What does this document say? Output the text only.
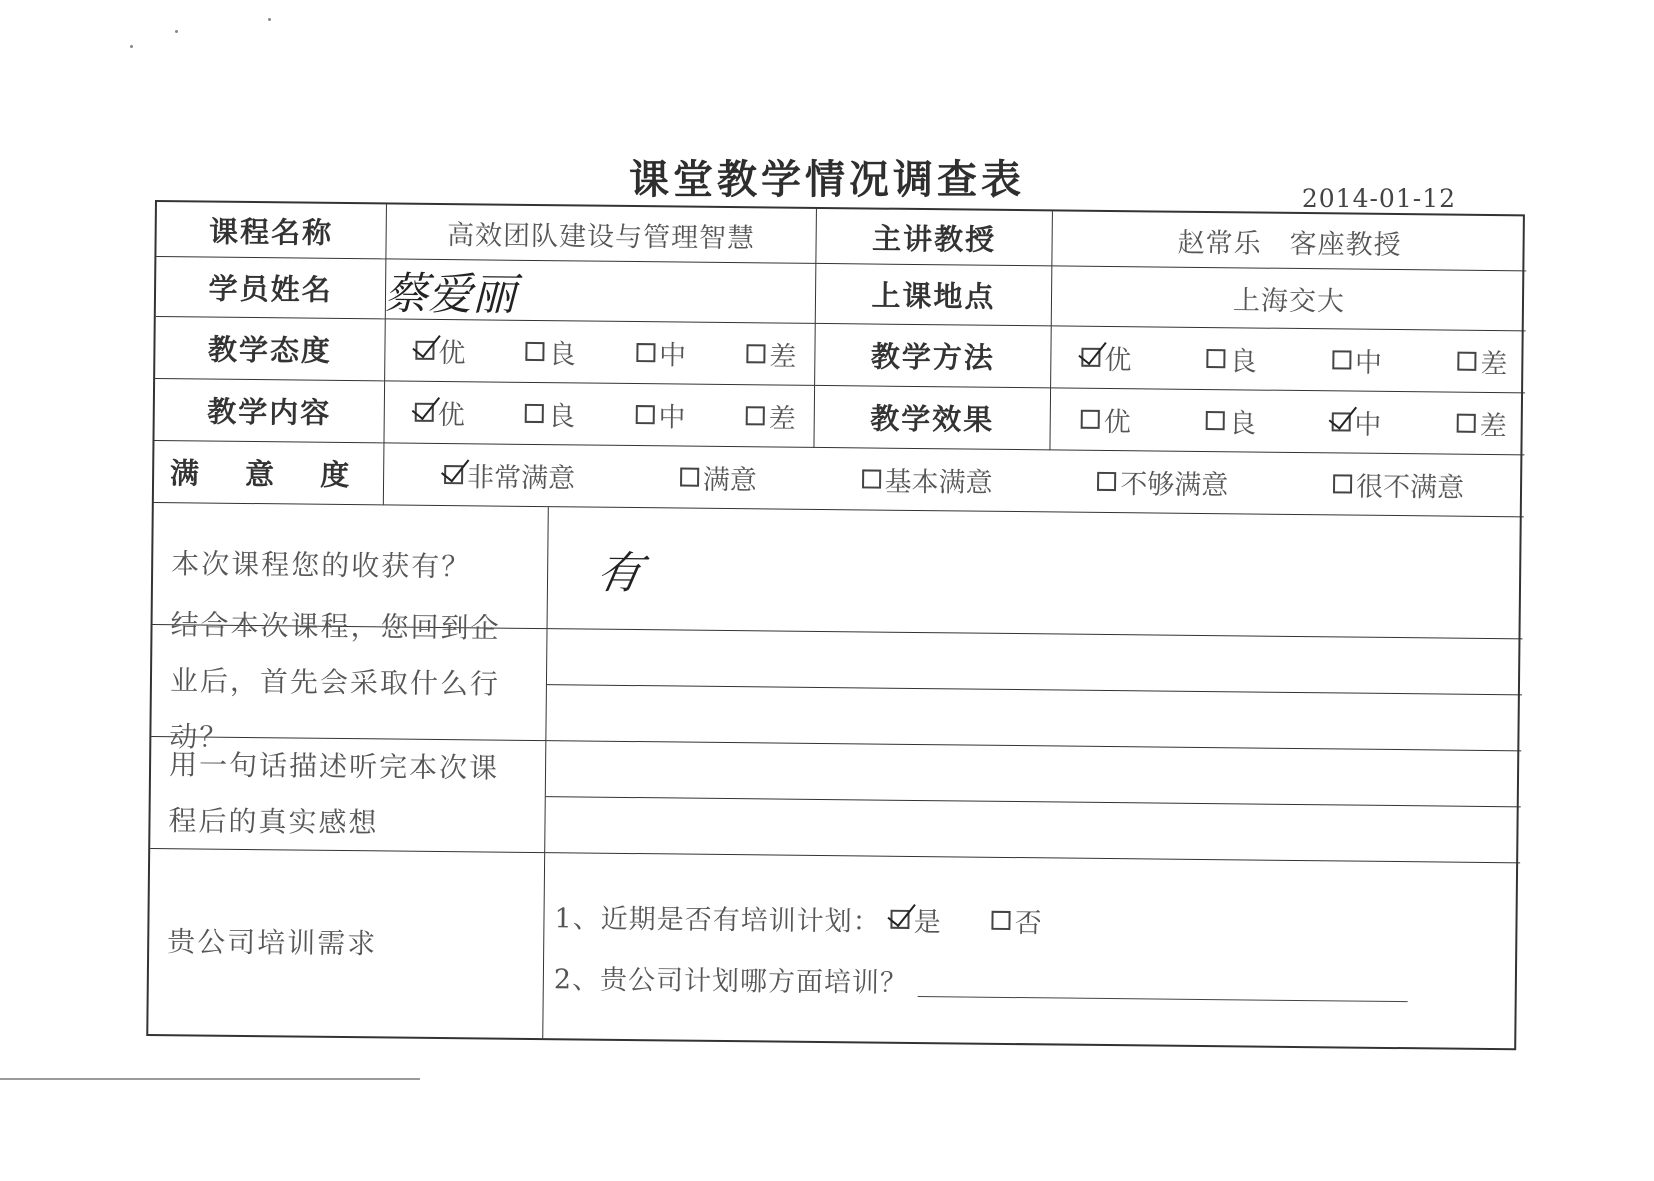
课堂教学情况调查表	2014-01-12
课程名称	高效团队建设与管理智慧	主讲教授	赵常乐　客座教授
学员姓名	蔡爱丽	上课地点	上海交大
教学态度	优	良	中	差	教学方法	优	良	中	差
教学内容	优	良	中	差	教学效果	优	良	中	差
满 意 度	非常满意	满意	基本满意	不够满意	很不满意
本次课程您的收获有？	有
结合本次课程，您回到企业后，首先会采取什么行动？
用一句话描述听完本次课程后的真实感想
贵公司培训需求
1、近期是否有培训计划： 是	否
2、贵公司计划哪方面培训？
